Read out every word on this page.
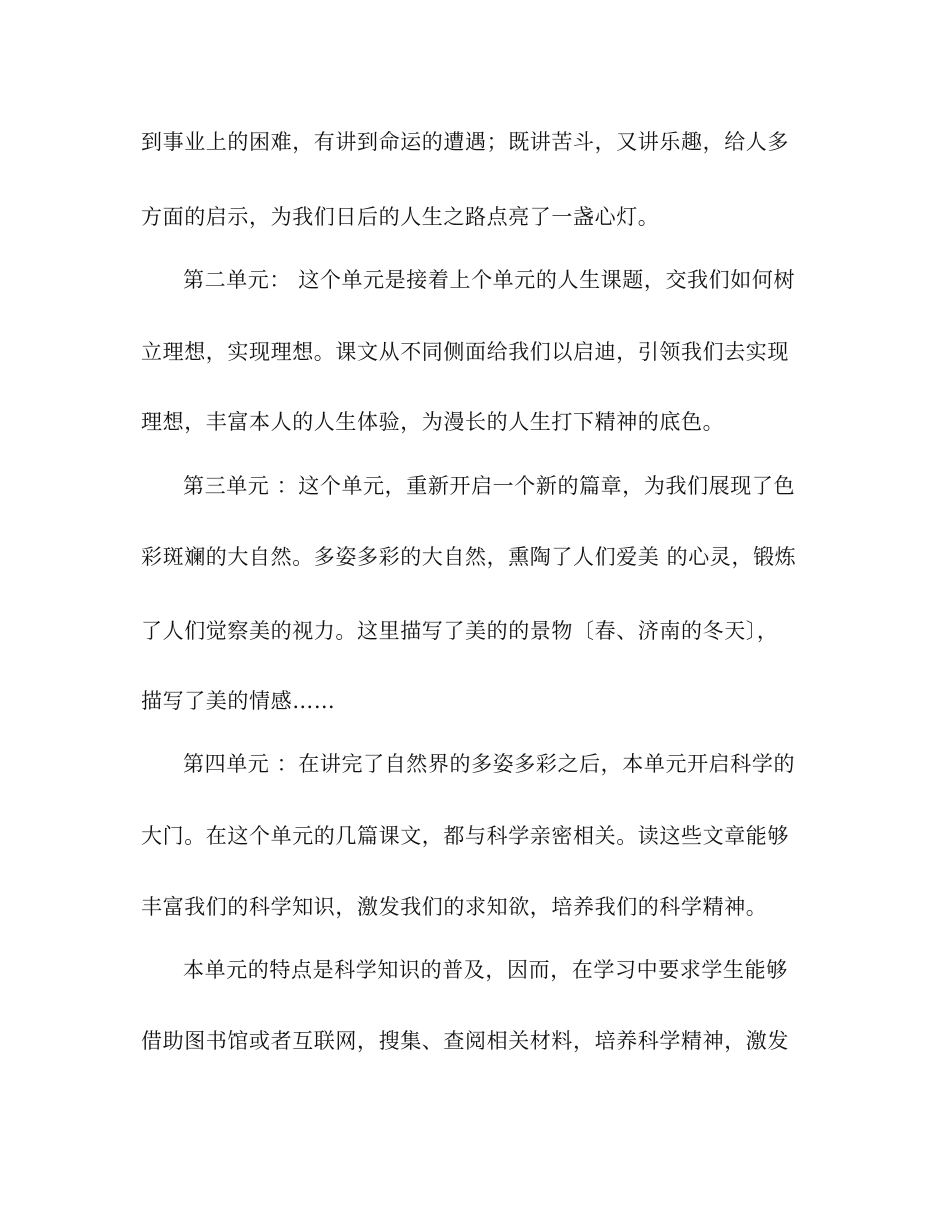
到事业上的困难，有讲到命运的遭遇；既讲苦斗，又讲乐趣，给人多
方面的启示，为我们日后的人生之路点亮了一盏心灯。
第二单元： 这个单元是接着上个单元的人生课题，交我们如何树
立理想，实现理想。课文从不同侧面给我们以启迪，引领我们去实现
理想，丰富本人的人生体验，为漫长的人生打下精神的底色。
第三单元 ：这个单元，重新开启一个新的篇章，为我们展现了色
彩斑斓的大自然。多姿多彩的大自然，熏陶了人们爱美 的心灵，锻炼
了人们觉察美的视力。这里描写了美的的景物〔春、济南的冬天〕，
描写了美的情感……
第四单元 ：在讲完了自然界的多姿多彩之后，本单元开启科学的
大门。在这个单元的几篇课文，都与科学亲密相关。读这些文章能够
丰富我们的科学知识，激发我们的求知欲，培养我们的科学精神。
本单元的特点是科学知识的普及，因而，在学习中要求学生能够
借助图书馆或者互联网，搜集、查阅相关材料，培养科学精神，激发
